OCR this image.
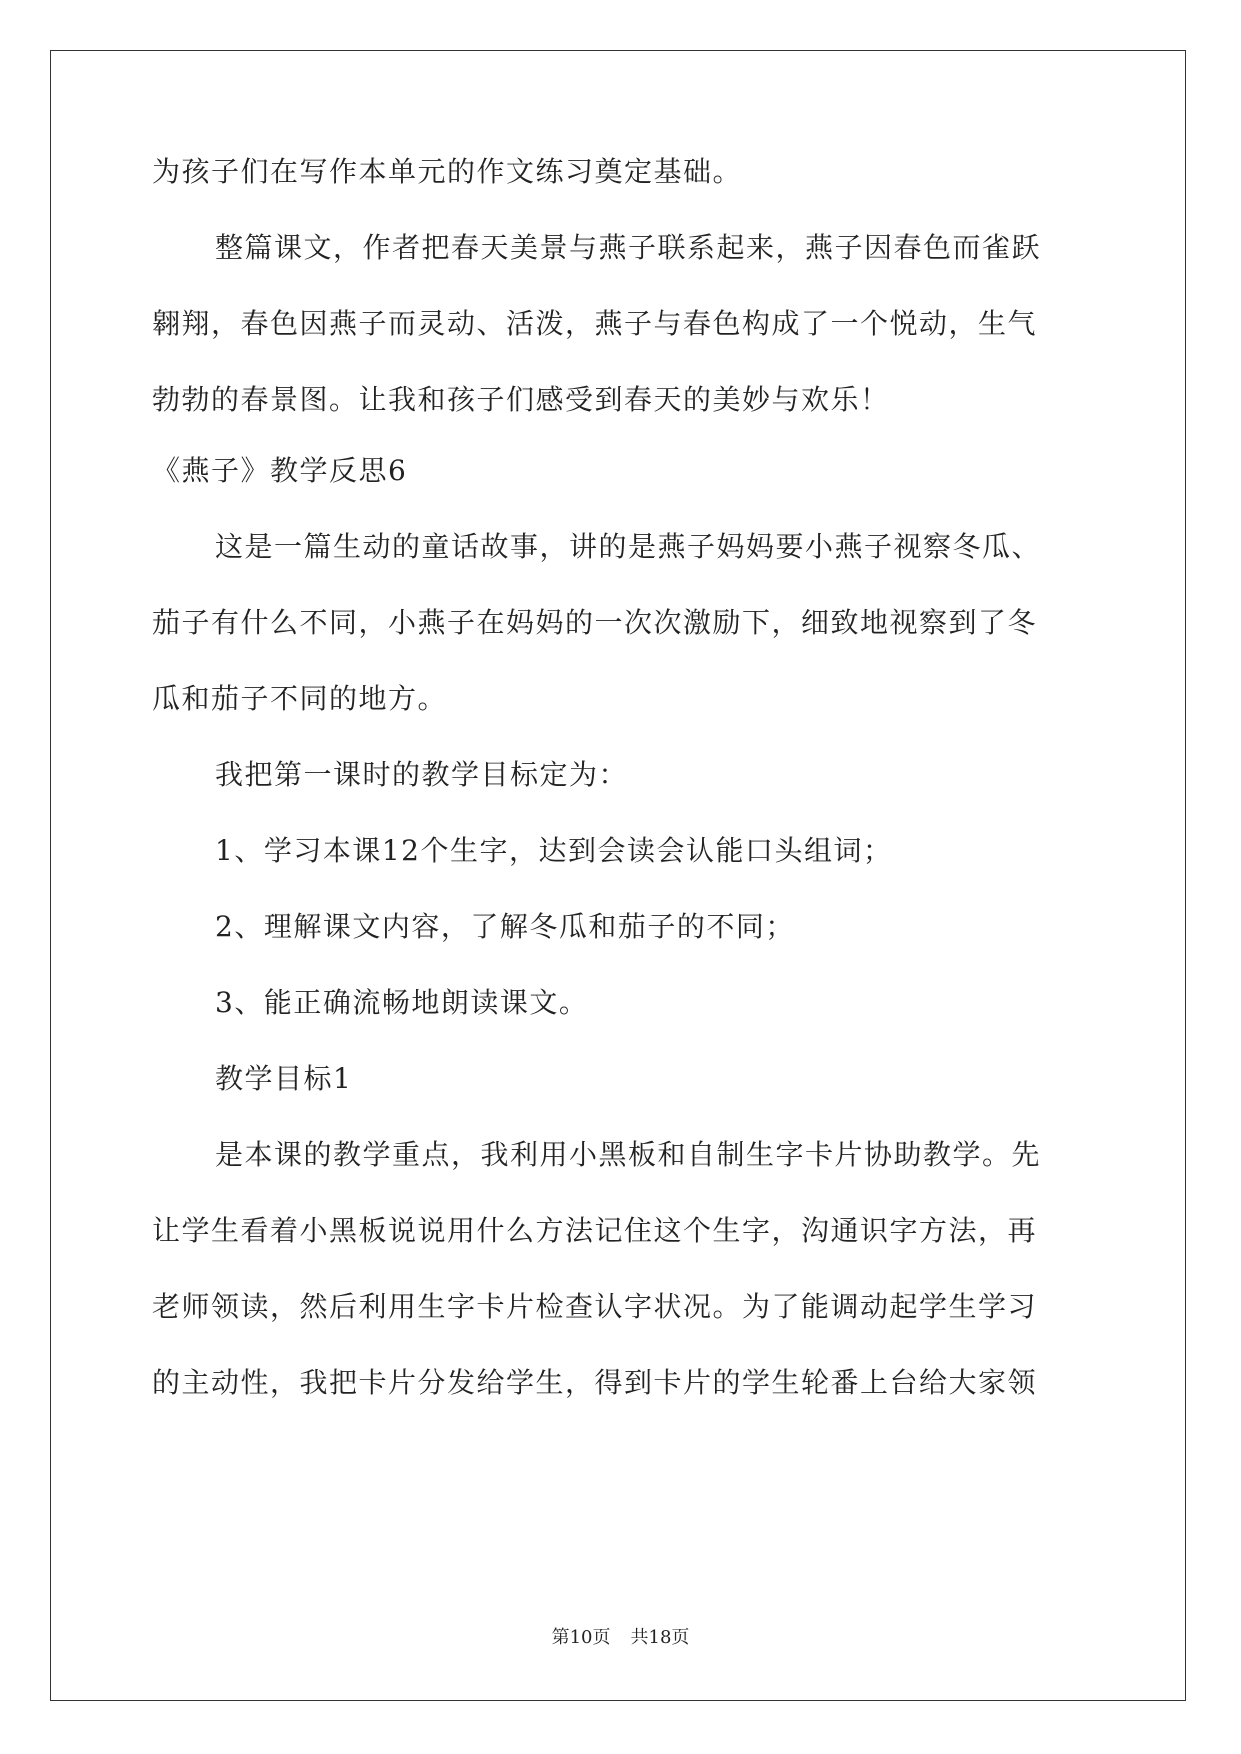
为孩子们在写作本单元的作文练习奠定基础。
整篇课文，作者把春天美景与燕子联系起来，燕子因春色而雀跃
翱翔，春色因燕子而灵动、活泼，燕子与春色构成了一个悦动，生气
勃勃的春景图。让我和孩子们感受到春天的美妙与欢乐！
《燕子》教学反思6
这是一篇生动的童话故事，讲的是燕子妈妈要小燕子视察冬瓜、
茄子有什么不同，小燕子在妈妈的一次次激励下，细致地视察到了冬
瓜和茄子不同的地方。
我把第一课时的教学目标定为：
1、学习本课12个生字，达到会读会认能口头组词；
2、理解课文内容，了解冬瓜和茄子的不同；
3、能正确流畅地朗读课文。
教学目标1
是本课的教学重点，我利用小黑板和自制生字卡片协助教学。先
让学生看着小黑板说说用什么方法记住这个生字，沟通识字方法，再
老师领读，然后利用生字卡片检查认字状况。为了能调动起学生学习
的主动性，我把卡片分发给学生，得到卡片的学生轮番上台给大家领
第10页 共18页
